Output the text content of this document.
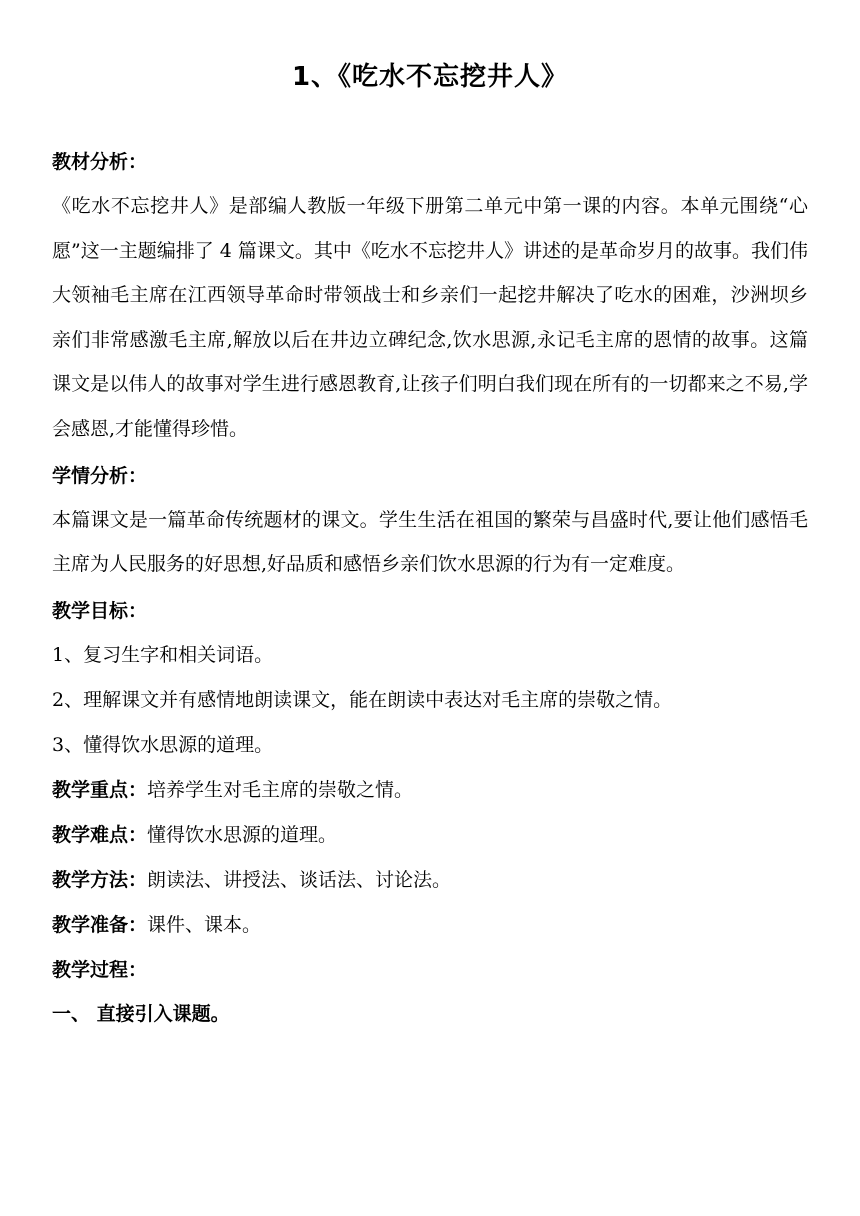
1、《吃水不忘挖井人》
教材分析：
《吃水不忘挖井人》是部编人教版一年级下册第二单元中第一课的内容。本单元围绕“心愿”这一主题编排了 4 篇课文。其中《吃水不忘挖井人》讲述的是革命岁月的故事。我们伟大领袖毛主席在江西领导革命时带领战士和乡亲们一起挖井解决了吃水的困难，沙洲坝乡亲们非常感激毛主席,解放以后在井边立碑纪念,饮水思源,永记毛主席的恩情的故事。这篇课文是以伟人的故事对学生进行感恩教育,让孩子们明白我们现在所有的一切都来之不易,学会感恩,才能懂得珍惜。
学情分析：
本篇课文是一篇革命传统题材的课文。学生生活在祖国的繁荣与昌盛时代,要让他们感悟毛主席为人民服务的好思想,好品质和感悟乡亲们饮水思源的行为有一定难度。
教学目标：
1、复习生字和相关词语。
2、理解课文并有感情地朗读课文，能在朗读中表达对毛主席的崇敬之情。
3、懂得饮水思源的道理。
教学重点：培养学生对毛主席的崇敬之情。
教学难点：懂得饮水思源的道理。
教学方法：朗读法、讲授法、谈话法、讨论法。
教学准备：课件、课本。
教学过程：
一、 直接引入课题。
